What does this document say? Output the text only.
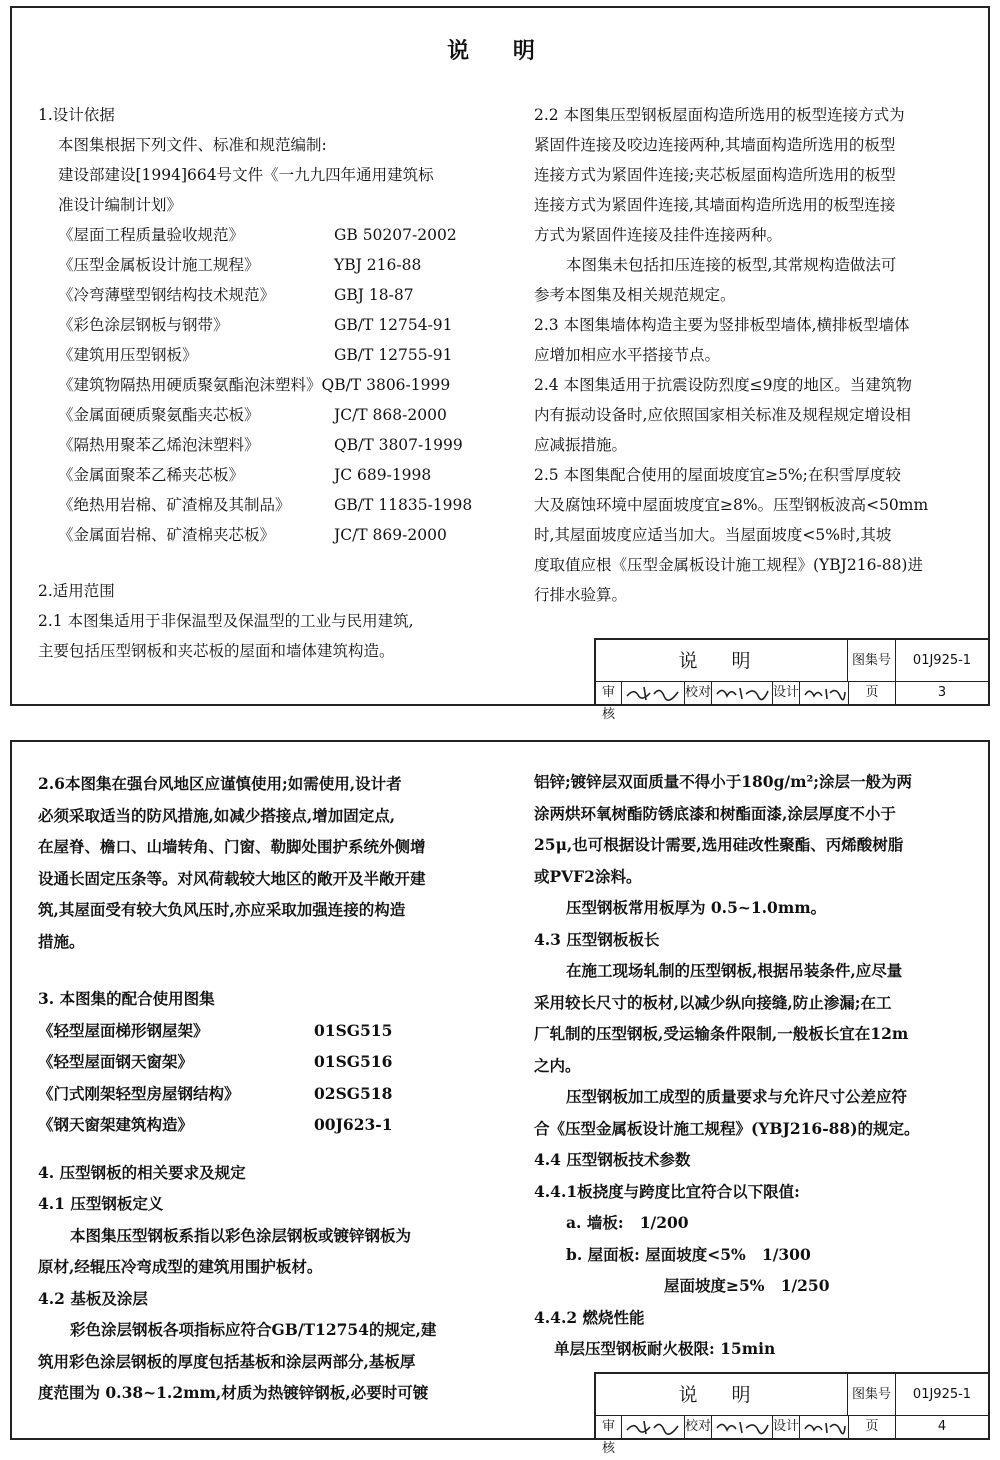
说 明
1.设计依据
本图集根据下列文件、标准和规范编制:
建设部建设[1994]664号文件《一九九四年通用建筑标
准设计编制计划》
《屋面工程质量验收规范》	GB 50207-2002
《压型金属板设计施工规程》	YBJ 216-88
《冷弯薄壁型钢结构技术规范》	GBJ 18-87
《彩色涂层钢板与钢带》	GB/T 12754-91
《建筑用压型钢板》	GB/T 12755-91
《建筑物隔热用硬质聚氨酯泡沫塑料》 QB/T 3806-1999
《金属面硬质聚氨酯夹芯板》	JC/T 868-2000
《隔热用聚苯乙烯泡沫塑料》	QB/T 3807-1999
《金属面聚苯乙稀夹芯板》	JC 689-1998
《绝热用岩棉、矿渣棉及其制品》	GB/T 11835-1998
《金属面岩棉、矿渣棉夹芯板》	JC/T 869-2000
2.适用范围
2.1 本图集适用于非保温型及保温型的工业与民用建筑,
主要包括压型钢板和夹芯板的屋面和墙体建筑构造。
2.2 本图集压型钢板屋面构造所选用的板型连接方式为
紧固件连接及咬边连接两种,其墙面构造所选用的板型
连接方式为紧固件连接;夹芯板屋面构造所选用的板型
连接方式为紧固件连接,其墙面构造所选用的板型连接
方式为紧固件连接及挂件连接两种。
本图集未包括扣压连接的板型,其常规构造做法可
参考本图集及相关规范规定。
2.3 本图集墙体构造主要为竖排板型墙体,横排板型墙体
应增加相应水平搭接节点。
2.4 本图集适用于抗震设防烈度≤9度的地区。当建筑物
内有振动设备时,应依照国家相关标准及规程规定增设相
应减振措施。
2.5 本图集配合使用的屋面坡度宜≥5%;在积雪厚度较
大及腐蚀环境中屋面坡度宜≥8%。压型钢板波高<50mm
时,其屋面坡度应适当加大。当屋面坡度<5%时,其坡
度取值应根《压型金属板设计施工规程》(YBJ216-88)进
行排水验算。
说 明	图集号	01J925-1
审核
校对	设计	页	3
2.6本图集在强台风地区应谨慎使用;如需使用,设计者
必须采取适当的防风措施,如减少搭接点,增加固定点,
在屋脊、檐口、山墙转角、门窗、勒脚处围护系统外侧增
设通长固定压条等。对风荷载较大地区的敞开及半敞开建
筑,其屋面受有较大负风压时,亦应采取加强连接的构造
措施。
3. 本图集的配合使用图集
《轻型屋面梯形钢屋架》	01SG515
《轻型屋面钢天窗架》	01SG516
《门式刚架轻型房屋钢结构》	02SG518
《钢天窗架建筑构造》	00J623-1
4. 压型钢板的相关要求及规定
4.1 压型钢板定义
本图集压型钢板系指以彩色涂层钢板或镀锌钢板为
原材,经辊压冷弯成型的建筑用围护板材。
4.2 基板及涂层
彩色涂层钢板各项指标应符合GB/T12754的规定,建
筑用彩色涂层钢板的厚度包括基板和涂层两部分,基板厚
度范围为 0.38~1.2mm,材质为热镀锌钢板,必要时可镀
铝锌;镀锌层双面质量不得小于180g/m²;涂层一般为两
涂两烘环氧树酯防锈底漆和树酯面漆,涂层厚度不小于
25μ,也可根据设计需要,选用硅改性聚酯、丙烯酸树脂
或PVF2涂料。
压型钢板常用板厚为 0.5~1.0mm。
4.3 压型钢板板长
在施工现场轧制的压型钢板,根据吊装条件,应尽量
采用较长尺寸的板材,以减少纵向接缝,防止渗漏;在工
厂轧制的压型钢板,受运输条件限制,一般板长宜在12m
之内。
压型钢板加工成型的质量要求与允许尺寸公差应符
合《压型金属板设计施工规程》(YBJ216-88)的规定。
4.4 压型钢板技术参数
4.4.1板挠度与跨度比宜符合以下限值:
a. 墙板:   1/200
b. 屋面板: 屋面坡度<5%   1/300
屋面坡度≥5%   1/250
4.4.2 燃烧性能
单层压型钢板耐火极限: 15min
说 明	图集号	01J925-1
审核
校对	设计	页	4
